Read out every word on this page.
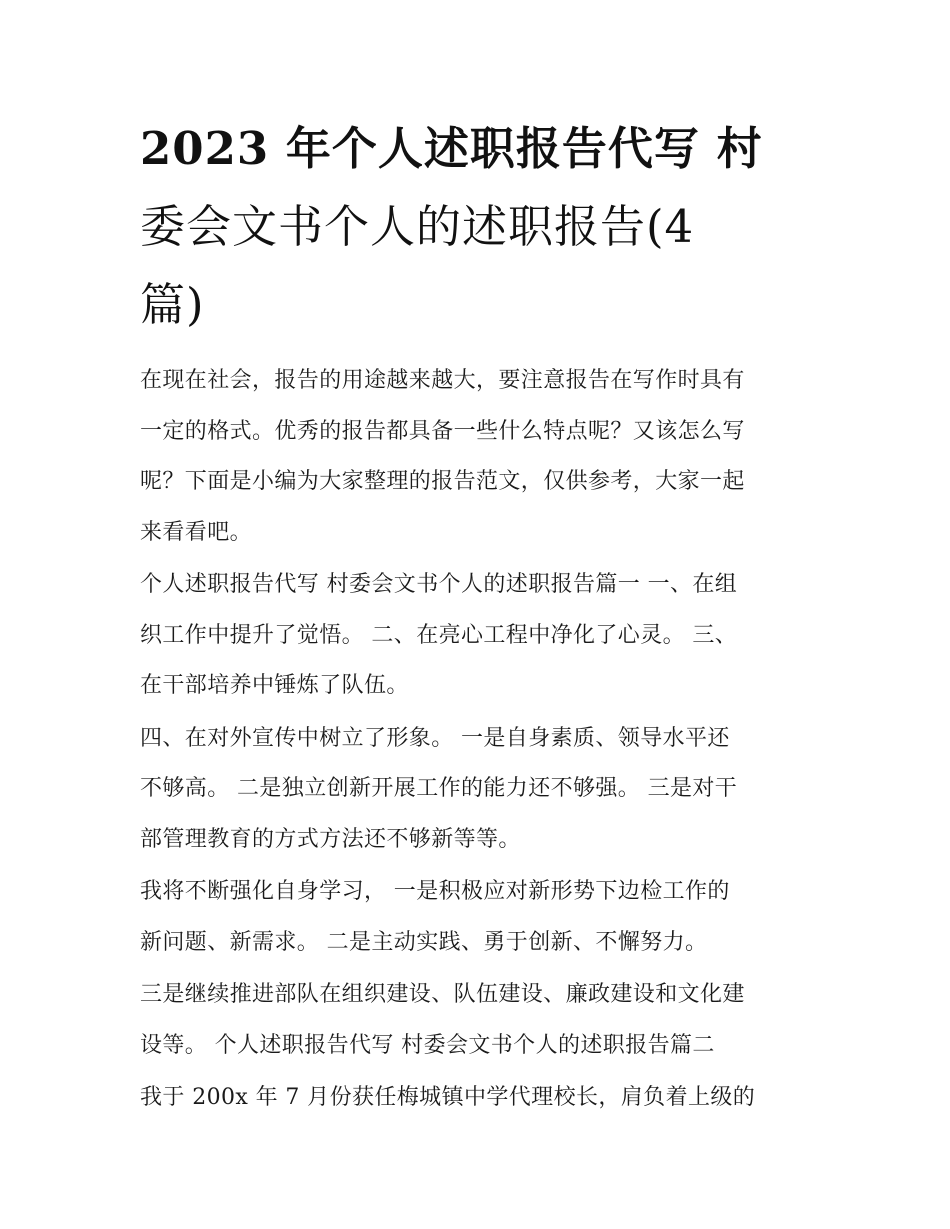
2023 年个人述职报告代写 村
委会文书个人的述职报告(4
篇)

在现在社会，报告的用途越来越大，要注意报告在写作时具有
一定的格式。优秀的报告都具备一些什么特点呢？又该怎么写
呢？下面是小编为大家整理的报告范文，仅供参考，大家一起
来看看吧。

个人述职报告代写 村委会文书个人的述职报告篇一 一、在组
织工作中提升了觉悟。 二、在亮心工程中净化了心灵。 三、
在干部培养中锤炼了队伍。

四、在对外宣传中树立了形象。 一是自身素质、领导水平还
不够高。 二是独立创新开展工作的能力还不够强。 三是对干
部管理教育的方式方法还不够新等等。

我将不断强化自身学习， 一是积极应对新形势下边检工作的
新问题、新需求。 二是主动实践、勇于创新、不懈努力。

三是继续推进部队在组织建设、队伍建设、廉政建设和文化建
设等。 个人述职报告代写 村委会文书个人的述职报告篇二

我于 200x 年 7 月份获任梅城镇中学代理校长，肩负着上级的
